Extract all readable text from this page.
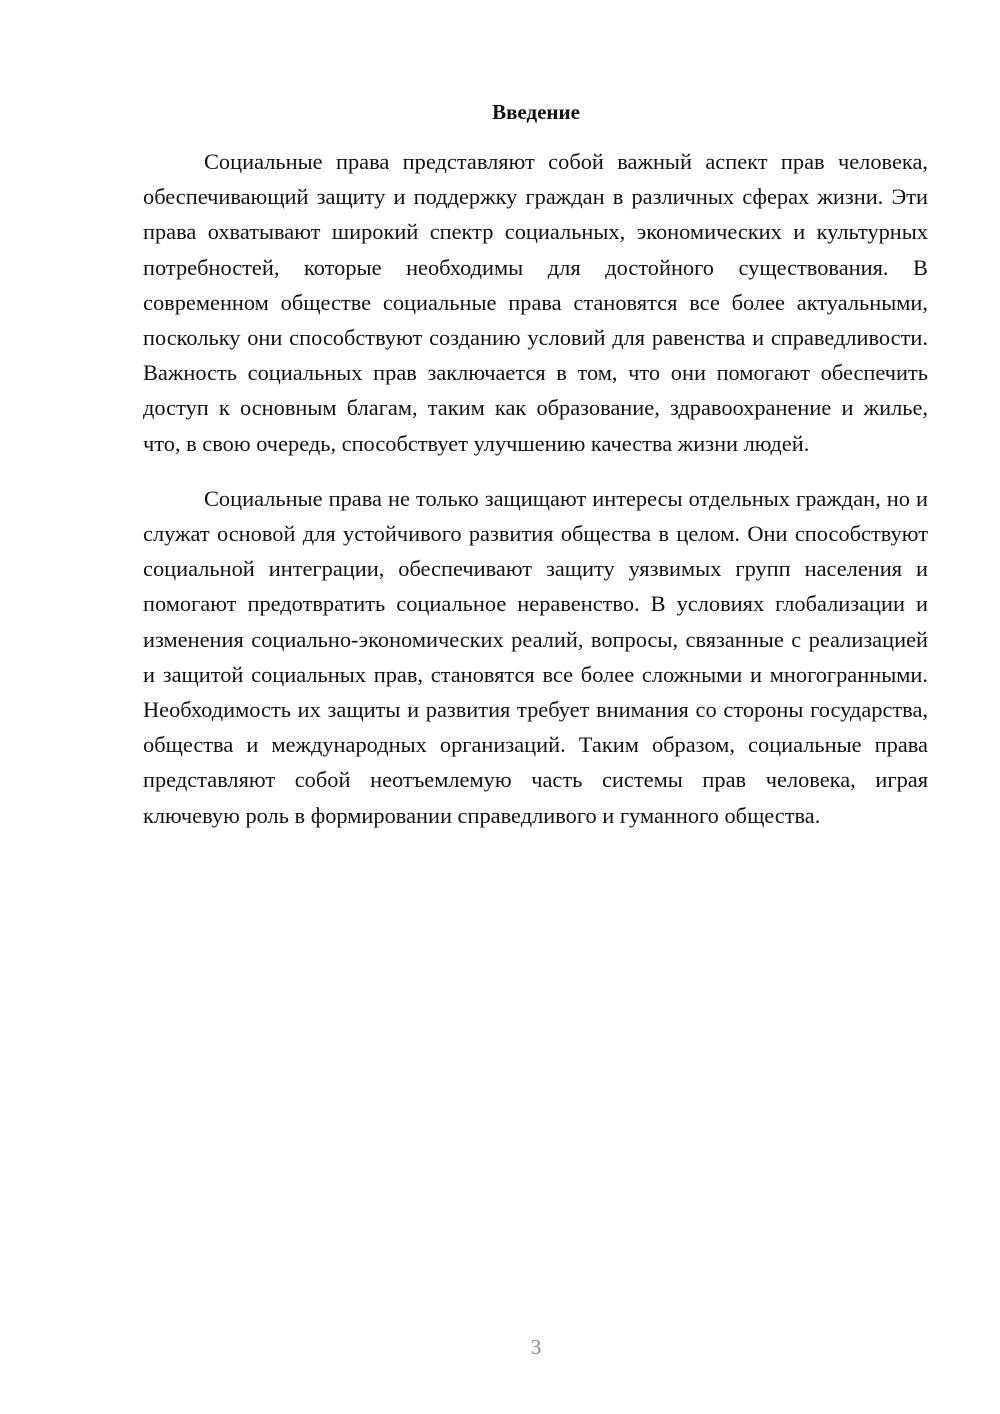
Введение

Социальные права представляют собой важный аспект прав человека, обеспечивающий защиту и поддержку граждан в различных сферах жизни. Эти права охватывают широкий спектр социальных, экономических и культурных потребностей, которые необходимы для достойного существования. В современном обществе социальные права становятся все более актуальными, поскольку они способствуют созданию условий для равенства и справедливости. Важность социальных прав заключается в том, что они помогают обеспечить доступ к основным благам, таким как образование, здравоохранение и жилье, что, в свою очередь, способствует улучшению качества жизни людей.

Социальные права не только защищают интересы отдельных граждан, но и служат основой для устойчивого развития общества в целом. Они способствуют социальной интеграции, обеспечивают защиту уязвимых групп населения и помогают предотвратить социальное неравенство. В условиях глобализации и изменения социально-экономических реалий, вопросы, связанные с реализацией и защитой социальных прав, становятся все более сложными и многогранными. Необходимость их защиты и развития требует внимания со стороны государства, общества и международных организаций. Таким образом, социальные права представляют собой неотъемлемую часть системы прав человека, играя ключевую роль в формировании справедливого и гуманного общества.

3
